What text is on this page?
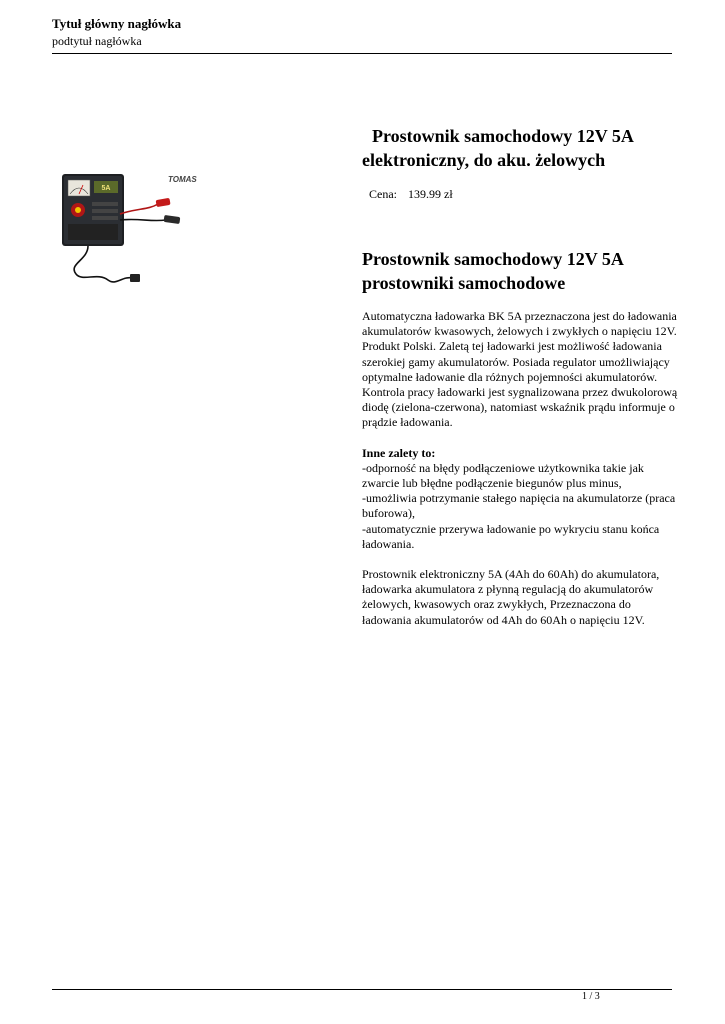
Tytuł główny nagłówka
podtytuł nagłówka
5A
TOMAS
Prostownik samochodowy 12V 5A elektroniczny, do aku. żelowych
Cena: 139.99 zł
Prostownik samochodowy 12V 5A prostowniki samochodowe

Automatyczna ładowarka BK 5A przeznaczona jest do ładowania akumulatorów kwasowych, żelowych i zwykłych o napięciu 12V. Produkt Polski. Zaletą tej ładowarki jest możliwość ładowania szerokiej gamy akumulatorów. Posiada regulator umożliwiający optymalne ładowanie dla różnych pojemności akumulatorów. Kontrola pracy ładowarki jest sygnalizowana przez dwukolorową diodę (zielona-czerwona), natomiast wskaźnik prądu informuje o prądzie ładowania.

Inne zalety to:
-odporność na błędy podłączeniowe użytkownika takie jak zwarcie lub błędne podłączenie biegunów plus minus,
-umożliwia potrzymanie stałego napięcia na akumulatorze (praca buforowa),
-automatycznie przerywa ładowanie po wykryciu stanu końca ładowania.

Prostownik elektroniczny 5A (4Ah do 60Ah) do akumulatora, ładowarka akumulatora z płynną regulacją do akumulatorów żelowych, kwasowych oraz zwykłych, Przeznaczona do ładowania akumulatorów od 4Ah do 60Ah o napięciu 12V.

1 / 3
